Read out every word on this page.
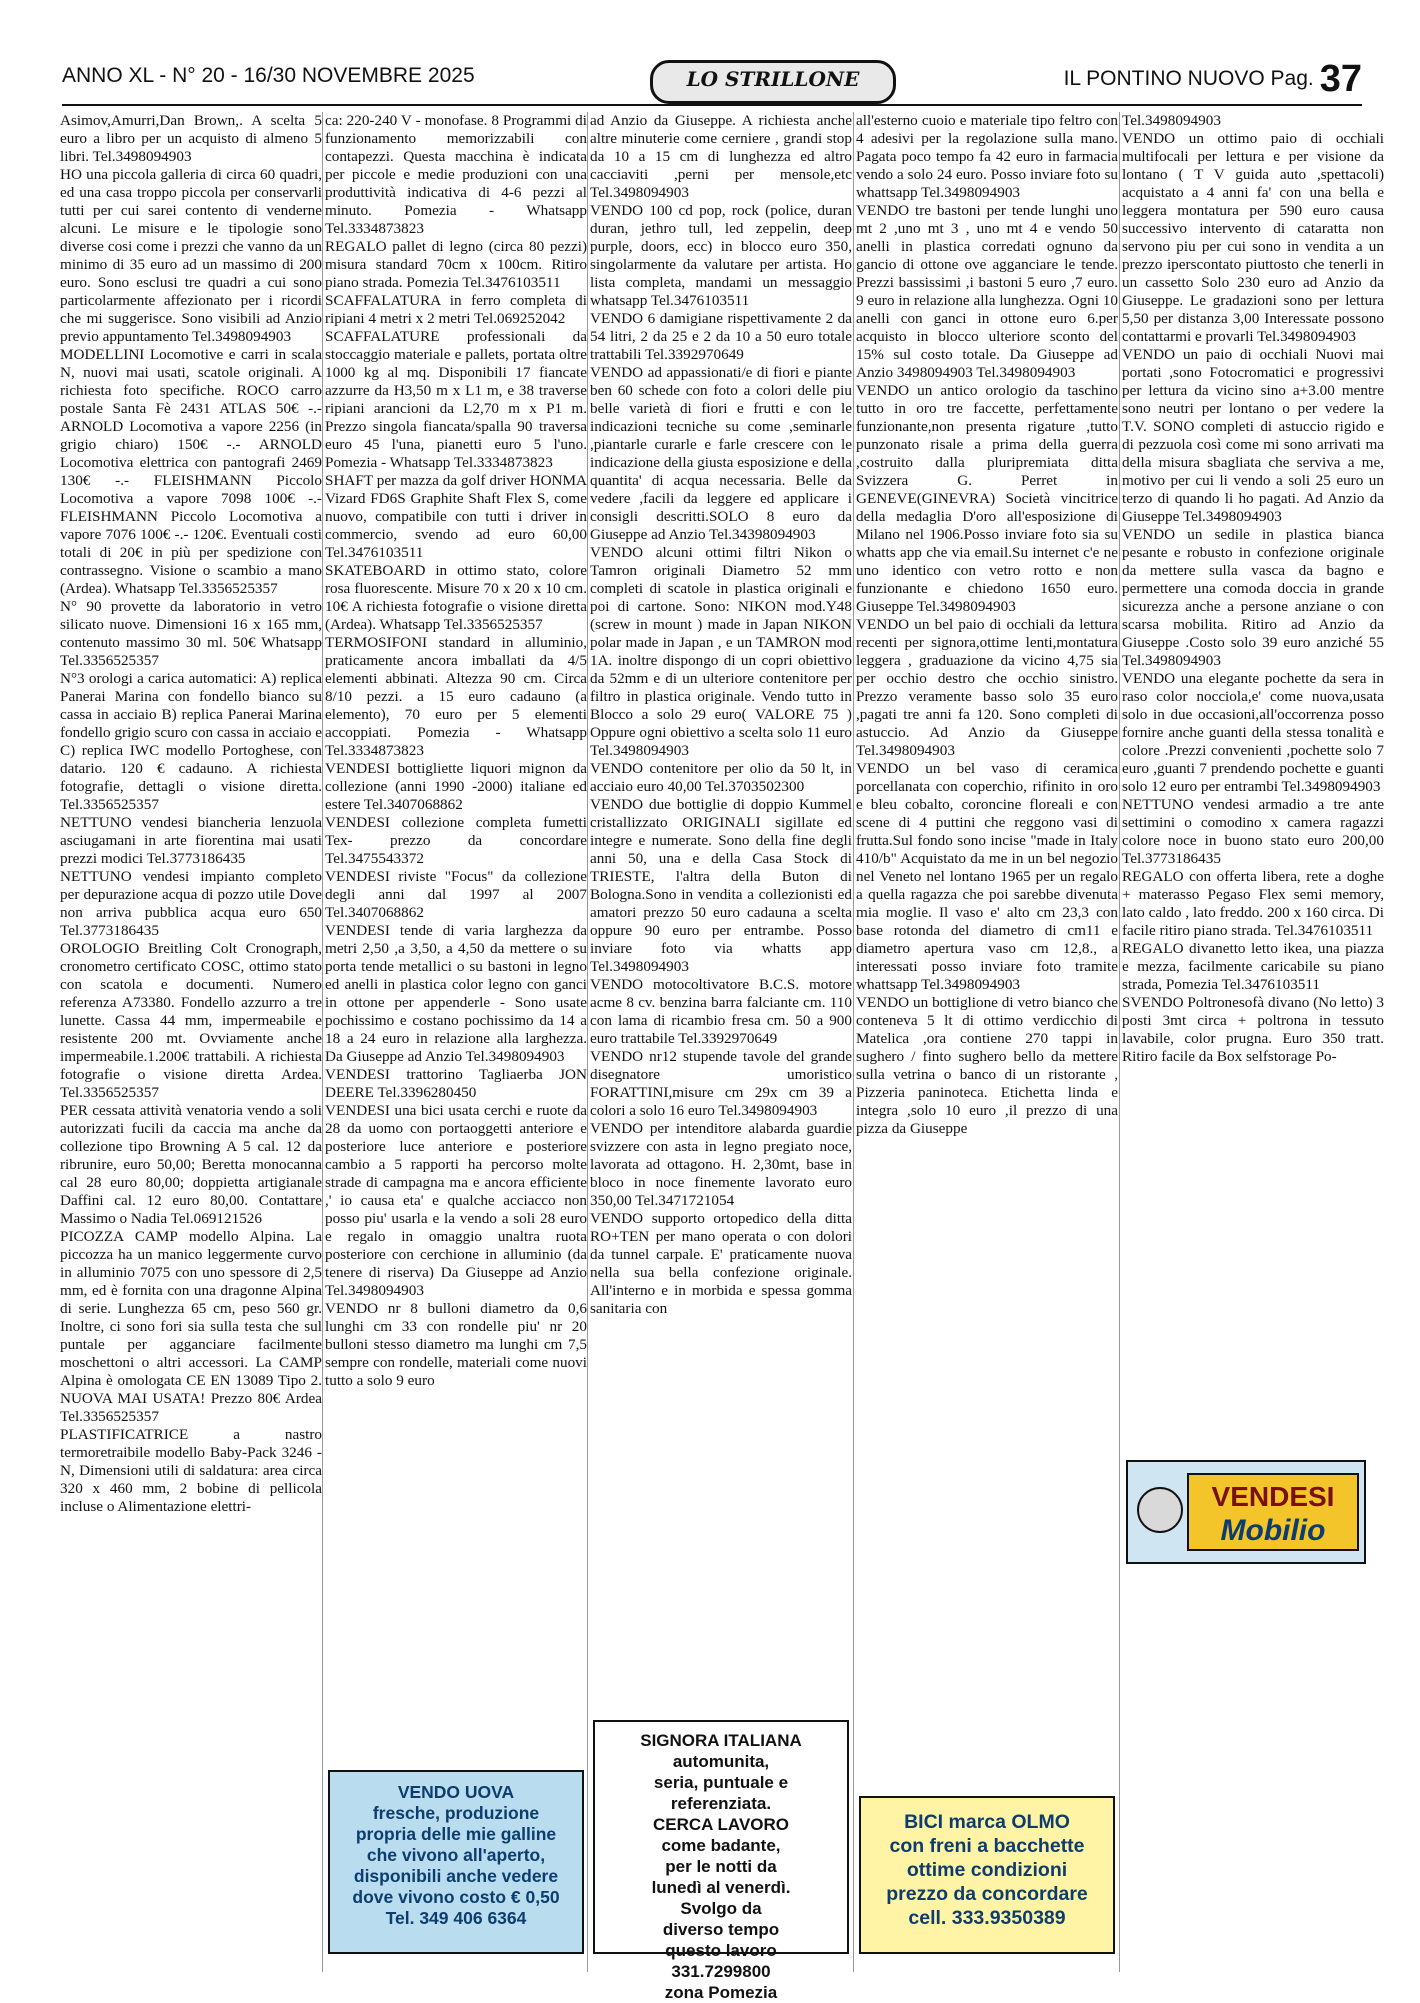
ANNO XL - N° 20 - 16/30 NOVEMBRE 2025	LO STRILLONE	IL PONTINO NUOVO Pag. 37

Asimov,Amurri,Dan Brown,. A scelta 5 euro a libro per un acquisto di almeno 5 libri. Tel.3498094903

HO una piccola galleria di circa 60 quadri, ed una casa troppo piccola per conservarli tutti per cui sarei contento di venderne alcuni. Le misure e le tipologie sono diverse cosi come i prezzi che vanno da un minimo di 35 euro ad un massimo di 200 euro. Sono esclusi tre quadri a cui sono particolarmente affezionato per i ricordi che mi suggerisce. Sono visibili ad Anzio previo appuntamento Tel.3498094903

MODELLINI Locomotive e carri in scala N, nuovi mai usati, scatole originali. A richiesta foto specifiche. ROCO carro postale Santa Fè 2431 ATLAS 50€ -.- ARNOLD Locomotiva a vapore 2256 (in grigio chiaro) 150€ -.- ARNOLD Locomotiva elettrica con pantografi 2469 130€ -.- FLEISHMANN Piccolo Locomotiva a vapore 7098 100€ -.- FLEISHMANN Piccolo Locomotiva a vapore 7076 100€ -.- 120€. Eventuali costi totali di 20€ in più per spedizione con contrassegno. Visione o scambio a mano (Ardea). Whatsapp Tel.3356525357

N° 90 provette da laboratorio in vetro silicato nuove. Dimensioni 16 x 165 mm, contenuto massimo 30 ml. 50€ Whatsapp Tel.3356525357

N°3 orologi a carica automatici: A) replica Panerai Marina con fondello bianco su cassa in acciaio B) replica Panerai Marina fondello grigio scuro con cassa in acciaio e C) replica IWC modello Portoghese, con datario. 120 € cadauno. A richiesta fotografie, dettagli o visione diretta. Tel.3356525357

NETTUNO vendesi biancheria lenzuola asciugamani in arte fiorentina mai usati prezzi modici Tel.3773186435

NETTUNO vendesi impianto completo per depurazione acqua di pozzo utile Dove non arriva pubblica acqua euro 650 Tel.3773186435

OROLOGIO Breitling Colt Cronograph, cronometro certificato COSC, ottimo stato con scatola e documenti. Numero referenza A73380. Fondello azzurro a tre lunette. Cassa 44 mm, impermeabile e resistente 200 mt. Ovviamente anche impermeabile.1.200€ trattabili. A richiesta fotografie o visione diretta Ardea. Tel.3356525357

PER cessata attività venatoria vendo a soli autorizzati fucili da caccia ma anche da collezione tipo Browning A 5 cal. 12 da ribrunire, euro 50,00; Beretta monocanna cal 28 euro 80,00; doppietta artigianale Daffini cal. 12 euro 80,00. Contattare Massimo o Nadia Tel.069121526

PICOZZA CAMP modello Alpina. La piccozza ha un manico leggermente curvo in alluminio 7075 con uno spessore di 2,5 mm, ed è fornita con una dragonne Alpina di serie. Lunghezza 65 cm, peso 560 gr. Inoltre, ci sono fori sia sulla testa che sul puntale per agganciare facilmente moschettoni o altri accessori. La CAMP Alpina è omologata CE EN 13089 Tipo 2. NUOVA MAI USATA! Prezzo 80€ Ardea Tel.3356525357

PLASTIFICATRICE a nastro termoretraibile modello Baby-Pack 3246 - N, Dimensioni utili di saldatura: area circa 320 x 460 mm, 2 bobine di pellicola incluse o Alimentazione elettri-

ca: 220-240 V - monofase. 8 Programmi di funzionamento memorizzabili con contapezzi. Questa macchina è indicata per piccole e medie produzioni con una produttività indicativa di 4-6 pezzi al minuto. Pomezia - Whatsapp Tel.3334873823

REGALO pallet di legno (circa 80 pezzi) misura standard 70cm x 100cm. Ritiro piano strada. Pomezia Tel.3476103511

SCAFFALATURA in ferro completa di ripiani 4 metri x 2 metri Tel.069252042

SCAFFALATURE professionali da stoccaggio materiale e pallets, portata oltre 1000 kg al mq. Disponibili 17 fiancate azzurre da H3,50 m x L1 m, e 38 traverse ripiani arancioni da L2,70 m x P1 m. Prezzo singola fiancata/spalla 90 traversa euro 45 l'una, pianetti euro 5 l'uno. Pomezia - Whatsapp Tel.3334873823

SHAFT per mazza da golf driver HONMA Vizard FD6S Graphite Shaft Flex S, come nuovo, compatibile con tutti i driver in commercio, svendo ad euro 60,00 Tel.3476103511

SKATEBOARD in ottimo stato, colore rosa fluorescente. Misure 70 x 20 x 10 cm. 10€ A richiesta fotografie o visione diretta (Ardea). Whatsapp Tel.3356525357

TERMOSIFONI standard in alluminio, praticamente ancora imballati da 4/5 elementi abbinati. Altezza 90 cm. Circa 8/10 pezzi. a 15 euro cadauno (a elemento), 70 euro per 5 elementi accoppiati. Pomezia - Whatsapp Tel.3334873823

VENDESI bottigliette liquori mignon da collezione (anni 1990 -2000) italiane ed estere Tel.3407068862

VENDESI collezione completa fumetti Tex- prezzo da concordare Tel.3475543372

VENDESI riviste "Focus" da collezione degli anni dal 1997 al 2007 Tel.3407068862

VENDESI tende di varia larghezza da metri 2,50 ,a 3,50, a 4,50 da mettere o su porta tende metallici o su bastoni in legno ed anelli in plastica color legno con ganci in ottone per appenderle - Sono usate pochissimo e costano pochissimo da 14 a 18 a 24 euro in relazione alla larghezza. Da Giuseppe ad Anzio Tel.3498094903

VENDESI trattorino Tagliaerba JON DEERE Tel.3396280450

VENDESI una bici usata cerchi e ruote da 28 da uomo con portaoggetti anteriore e posteriore luce anteriore e posteriore cambio a 5 rapporti ha percorso molte strade di campagna ma e ancora efficiente ,' io causa eta' e qualche acciacco non posso piu' usarla e la vendo a soli 28 euro e regalo in omaggio unaltra ruota posteriore con cerchione in alluminio (da tenere di riserva) Da Giuseppe ad Anzio Tel.3498094903

VENDO nr 8 bulloni diametro da 0,6 lunghi cm 33 con rondelle piu' nr 20 bulloni stesso diametro ma lunghi cm 7,5 sempre con rondelle, materiali come nuovi tutto a solo 9 euro

ad Anzio da Giuseppe. A richiesta anche altre minuterie come cerniere , grandi stop da 10 a 15 cm di lunghezza ed altro cacciaviti ,perni per mensole,etc Tel.3498094903

VENDO 100 cd pop, rock (police, duran duran, jethro tull, led zeppelin, deep purple, doors, ecc) in blocco euro 350, singolarmente da valutare per artista. Ho lista completa, mandami un messaggio whatsapp Tel.3476103511

VENDO 6 damigiane rispettivamente 2 da 54 litri, 2 da 25 e 2 da 10 a 50 euro totale trattabili Tel.3392970649

VENDO ad appassionati/e di fiori e piante ben 60 schede con foto a colori delle piu belle varietà di fiori e frutti e con le indicazioni tecniche su come ,seminarle ,piantarle curarle e farle crescere con le indicazione della giusta esposizione e della quantita' di acqua necessaria. Belle da vedere ,facili da leggere ed applicare i consigli descritti.SOLO 8 euro da Giuseppe ad Anzio Tel.34398094903

VENDO alcuni ottimi filtri Nikon o Tamron originali Diametro 52 mm completi di scatole in plastica originali e poi di cartone. Sono: NIKON mod.Y48 (screw in mount ) made in Japan NIKON polar made in Japan , e un TAMRON mod 1A. inoltre dispongo di un copri obiettivo da 52mm e di un ulteriore contenitore per filtro in plastica originale. Vendo tutto in Blocco a solo 29 euro( VALORE 75 ) Oppure ogni obiettivo a scelta solo 11 euro Tel.3498094903

VENDO contenitore per olio da 50 lt, in acciaio euro 40,00 Tel.3703502300

VENDO due bottiglie di doppio Kummel cristallizzato ORIGINALI sigillate ed integre e numerate. Sono della fine degli anni 50, una e della Casa Stock di TRIESTE, l'altra della Buton di Bologna.Sono in vendita a collezionisti ed amatori prezzo 50 euro cadauna a scelta oppure 90 euro per entrambe. Posso inviare foto via whatts app Tel.3498094903

VENDO motocoltivatore B.C.S. motore acme 8 cv. benzina barra falciante cm. 110 con lama di ricambio fresa cm. 50 a 900 euro trattabile Tel.3392970649

VENDO nr12 stupende tavole del grande disegnatore umoristico FORATTINI,misure cm 29x cm 39 a colori a solo 16 euro Tel.3498094903

VENDO per intenditore alabarda guardie svizzere con asta in legno pregiato noce, lavorata ad ottagono. H. 2,30mt, base in bloco in noce finemente lavorato euro 350,00 Tel.3471721054

VENDO supporto ortopedico della ditta RO+TEN per mano operata o con dolori da tunnel carpale. E' praticamente nuova nella sua bella confezione originale. All'interno e in morbida e spessa gomma sanitaria con

all'esterno cuoio e materiale tipo feltro con 4 adesivi per la regolazione sulla mano. Pagata poco tempo fa 42 euro in farmacia vendo a solo 24 euro. Posso inviare foto su whattsapp Tel.3498094903

VENDO tre bastoni per tende lunghi uno mt 2 ,uno mt 3 , uno mt 4 e vendo 50 anelli in plastica corredati ognuno da gancio di ottone ove agganciare le tende. Prezzi bassissimi ,i bastoni 5 euro ,7 euro. 9 euro in relazione alla lunghezza. Ogni 10 anelli con ganci in ottone euro 6.per acquisto in blocco ulteriore sconto del 15% sul costo totale. Da Giuseppe ad Anzio 3498094903 Tel.3498094903

VENDO un antico orologio da taschino tutto in oro tre faccette, perfettamente funzionante,non presenta rigature ,tutto punzonato risale a prima della guerra ,costruito dalla pluripremiata ditta Svizzera G. Perret in GENEVE(GINEVRA) Società vincitrice della medaglia D'oro all'esposizione di Milano nel 1906.Posso inviare foto sia su whatts app che via email.Su internet c'e ne uno identico con vetro rotto e non funzionante e chiedono 1650 euro. Giuseppe Tel.3498094903

VENDO un bel paio di occhiali da lettura recenti per signora,ottime lenti,montatura leggera , graduazione da vicino 4,75 sia per occhio destro che occhio sinistro. Prezzo veramente basso solo 35 euro ,pagati tre anni fa 120. Sono completi di astuccio. Ad Anzio da Giuseppe Tel.3498094903

VENDO un bel vaso di ceramica porcellanata con coperchio, rifinito in oro e bleu cobalto, coroncine floreali e con scene di 4 puttini che reggono vasi di frutta.Sul fondo sono incise "made in Italy 410/b" Acquistato da me in un bel negozio nel Veneto nel lontano 1965 per un regalo a quella ragazza che poi sarebbe divenuta mia moglie. Il vaso e' alto cm 23,3 con base rotonda del diametro di cm11 e diametro apertura vaso cm 12,8., a interessati posso inviare foto tramite whattsapp Tel.3498094903

VENDO un bottiglione di vetro bianco che conteneva 5 lt di ottimo verdicchio di Matelica ,ora contiene 270 tappi in sughero / finto sughero bello da mettere sulla vetrina o banco di un ristorante , Pizzeria paninoteca. Etichetta linda e integra ,solo 10 euro ,il prezzo di una pizza da Giuseppe

Tel.3498094903

VENDO un ottimo paio di occhiali multifocali per lettura e per visione da lontano ( T V guida auto ,spettacoli) acquistato a 4 anni fa' con una bella e leggera montatura per 590 euro causa successivo intervento di cataratta non servono piu per cui sono in vendita a un prezzo iperscontato piuttosto che tenerli in un cassetto Solo 230 euro ad Anzio da Giuseppe. Le gradazioni sono per lettura 5,50 per distanza 3,00 Interessate possono contattarmi e provarli Tel.3498094903

VENDO un paio di occhiali Nuovi mai portati ,sono Fotocromatici e progressivi per lettura da vicino sino a+3.00 mentre sono neutri per lontano o per vedere la T.V. SONO completi di astuccio rigido e di pezzuola così come mi sono arrivati ma della misura sbagliata che serviva a me, motivo per cui li vendo a soli 25 euro un terzo di quando li ho pagati. Ad Anzio da Giuseppe Tel.3498094903

VENDO un sedile in plastica bianca pesante e robusto in confezione originale da mettere sulla vasca da bagno e permettere una comoda doccia in grande sicurezza anche a persone anziane o con scarsa mobilita. Ritiro ad Anzio da Giuseppe .Costo solo 39 euro anziché 55 Tel.3498094903

VENDO una elegante pochette da sera in raso color nocciola,e' come nuova,usata solo in due occasioni,all'occorrenza posso fornire anche guanti della stessa tonalità e colore .Prezzi convenienti ,pochette solo 7 euro ,guanti 7 prendendo pochette e guanti solo 12 euro per entrambi Tel.3498094903

NETTUNO vendesi armadio a tre ante settimini o comodino x camera ragazzi colore noce in buono stato euro 200,00 Tel.3773186435

REGALO con offerta libera, rete a doghe + materasso Pegaso Flex semi memory, lato caldo , lato freddo. 200 x 160 circa. Di facile ritiro piano strada. Tel.3476103511

REGALO divanetto letto ikea, una piazza e mezza, facilmente caricabile su piano strada, Pomezia Tel.3476103511

SVENDO Poltronesofà divano (No letto) 3 posti 3mt circa + poltrona in tessuto lavabile, color prugna. Euro 350 tratt. Ritiro facile da Box selfstorage Po-

VENDO UOVA
fresche, produzione
propria delle mie galline
che vivono all'aperto,
disponibili anche vedere
dove vivono costo € 0,50
Tel. 349 406 6364
SIGNORA ITALIANA
automunita,
seria, puntuale e
referenziata.
CERCA LAVORO
come badante,
per le notti da
lunedì al venerdì.
Svolgo da
diverso tempo
questo lavoro
331.7299800
zona Pomezia
BICI marca OLMO
con freni a bacchette
ottime condizioni
prezzo da concordare
cell. 333.9350389
VENDESI
Mobilio
